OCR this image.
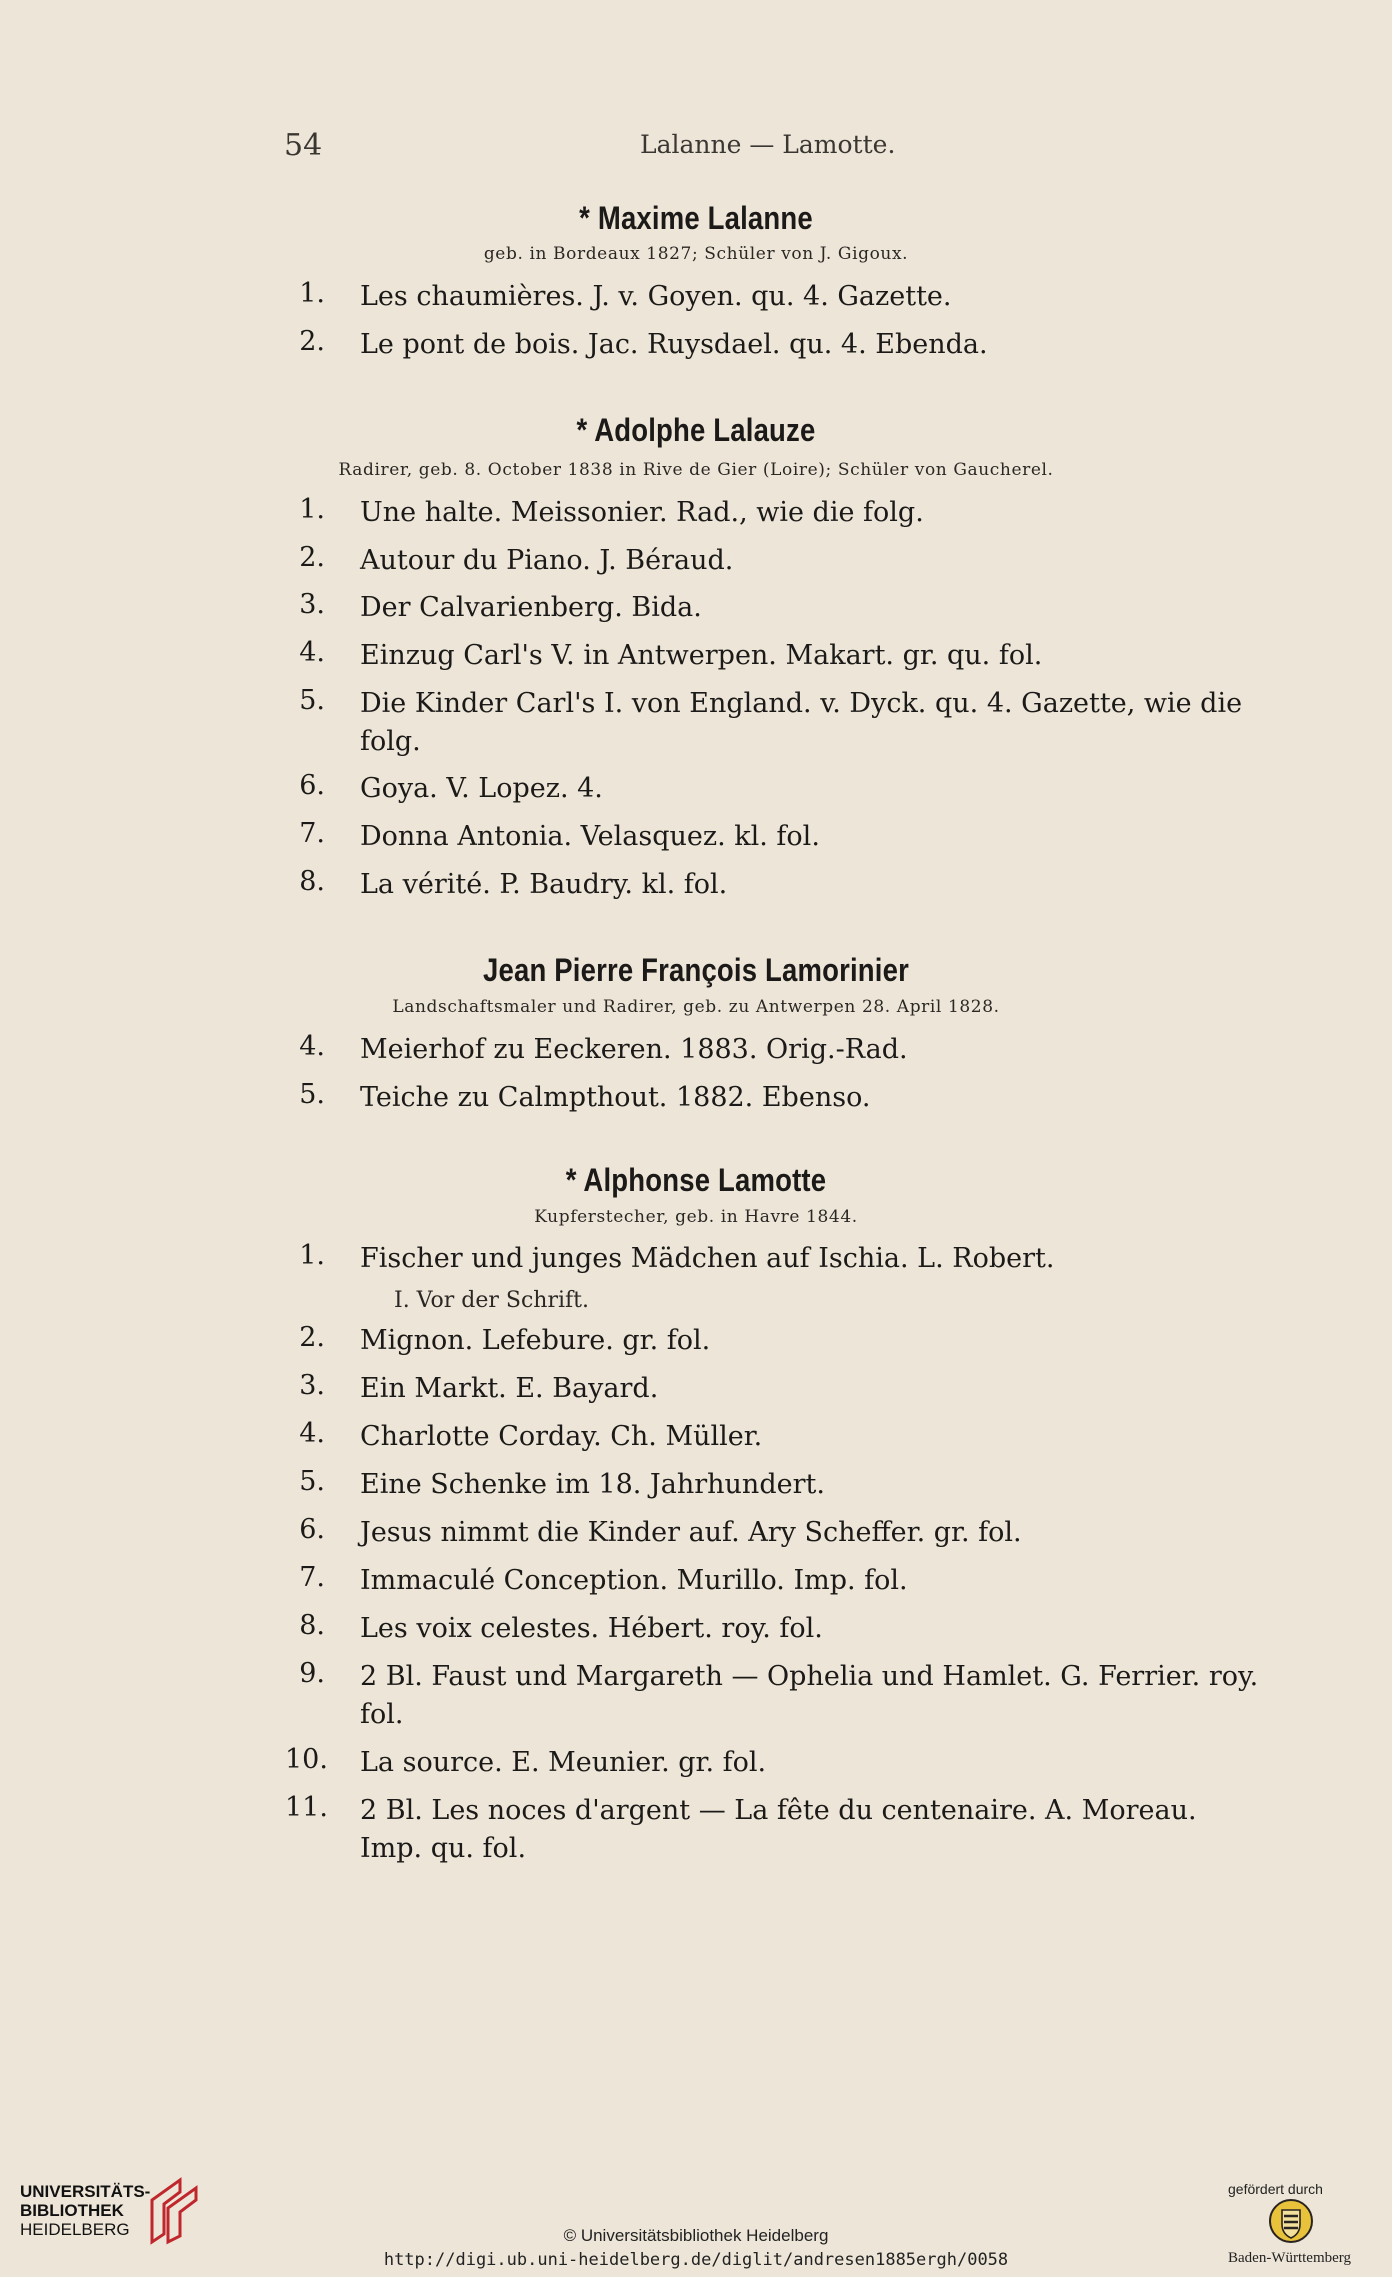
54	Lalanne — Lamotte.
* Maxime Lalanne
geb. in Bordeaux 1827; Schüler von J. Gigoux.
1. Les chaumières. J. v. Goyen. qu. 4. Gazette.
2. Le pont de bois. Jac. Ruysdael. qu. 4. Ebenda.
* Adolphe Lalauze
Radirer, geb. 8. October 1838 in Rive de Gier (Loire); Schüler von Gaucherel.
1. Une halte. Meissonier. Rad., wie die folg.
2. Autour du Piano. J. Béraud.
3. Der Calvarienberg. Bida.
4. Einzug Carl's V. in Antwerpen. Makart. gr. qu. fol.
5. Die Kinder Carl's I. von England. v. Dyck. qu. 4. Gazette, wie die folg.
6. Goya. V. Lopez. 4.
7. Donna Antonia. Velasquez. kl. fol.
8. La vérité. P. Baudry. kl. fol.
Jean Pierre François Lamorinier
Landschaftsmaler und Radirer, geb. zu Antwerpen 28. April 1828.
4. Meierhof zu Eeckeren. 1883. Orig.-Rad.
5. Teiche zu Calmpthout. 1882. Ebenso.
* Alphonse Lamotte
Kupferstecher, geb. in Havre 1844.
1. Fischer und junges Mädchen auf Ischia. L. Robert.
I. Vor der Schrift.
2. Mignon. Lefebure. gr. fol.
3. Ein Markt. E. Bayard.
4. Charlotte Corday. Ch. Müller.
5. Eine Schenke im 18. Jahrhundert.
6. Jesus nimmt die Kinder auf. Ary Scheffer. gr. fol.
7. Immaculé Conception. Murillo. Imp. fol.
8. Les voix celestes. Hébert. roy. fol.
9. 2 Bl. Faust und Margareth — Ophelia und Hamlet. G. Ferrier. roy. fol.
10. La source. E. Meunier. gr. fol.
11. 2 Bl. Les noces d'argent — La fête du centenaire. A. Moreau. Imp. qu. fol.
UNIVERSITÄTS-
BIBLIOTHEK
HEIDELBERG	© Universitätsbibliothek Heidelberg
http://digi.ub.uni-heidelberg.de/diglit/andresen1885ergh/0058
gefördert durch
Baden-Württemberg
